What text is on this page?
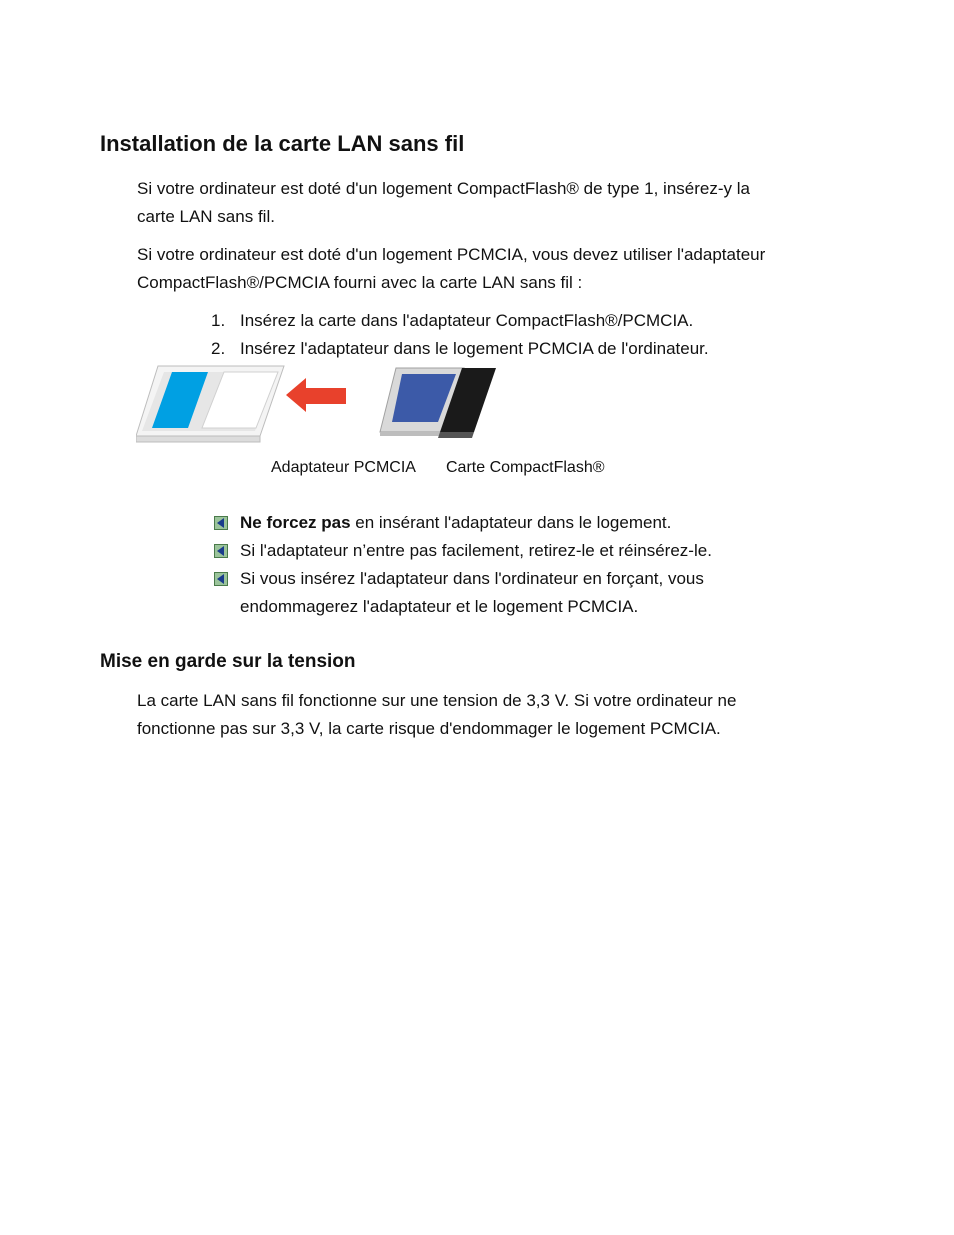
Installation de la carte LAN sans fil

Si votre ordinateur est doté d'un logement CompactFlash® de type 1, insérez-y la
carte LAN sans fil.

Si votre ordinateur est doté d'un logement PCMCIA, vous devez utiliser l'adaptateur
CompactFlash®/PCMCIA fourni avec la carte LAN sans fil :

1. Insérez la carte dans l'adaptateur CompactFlash®/PCMCIA.
2. Insérez l'adaptateur dans le logement PCMCIA de l'ordinateur.
Adaptateur PCMCIA Carte CompactFlash®
Ne forcez pas en insérant l'adaptateur dans le logement.
Si l'adaptateur n’entre pas facilement, retirez-le et réinsérez-le.
Si vous insérez l'adaptateur dans l'ordinateur en forçant, vous
endommagerez l'adaptateur et le logement PCMCIA.
Mise en garde sur la tension

La carte LAN sans fil fonctionne sur une tension de 3,3 V. Si votre ordinateur ne
fonctionne pas sur 3,3 V, la carte risque d'endommager le logement PCMCIA.
